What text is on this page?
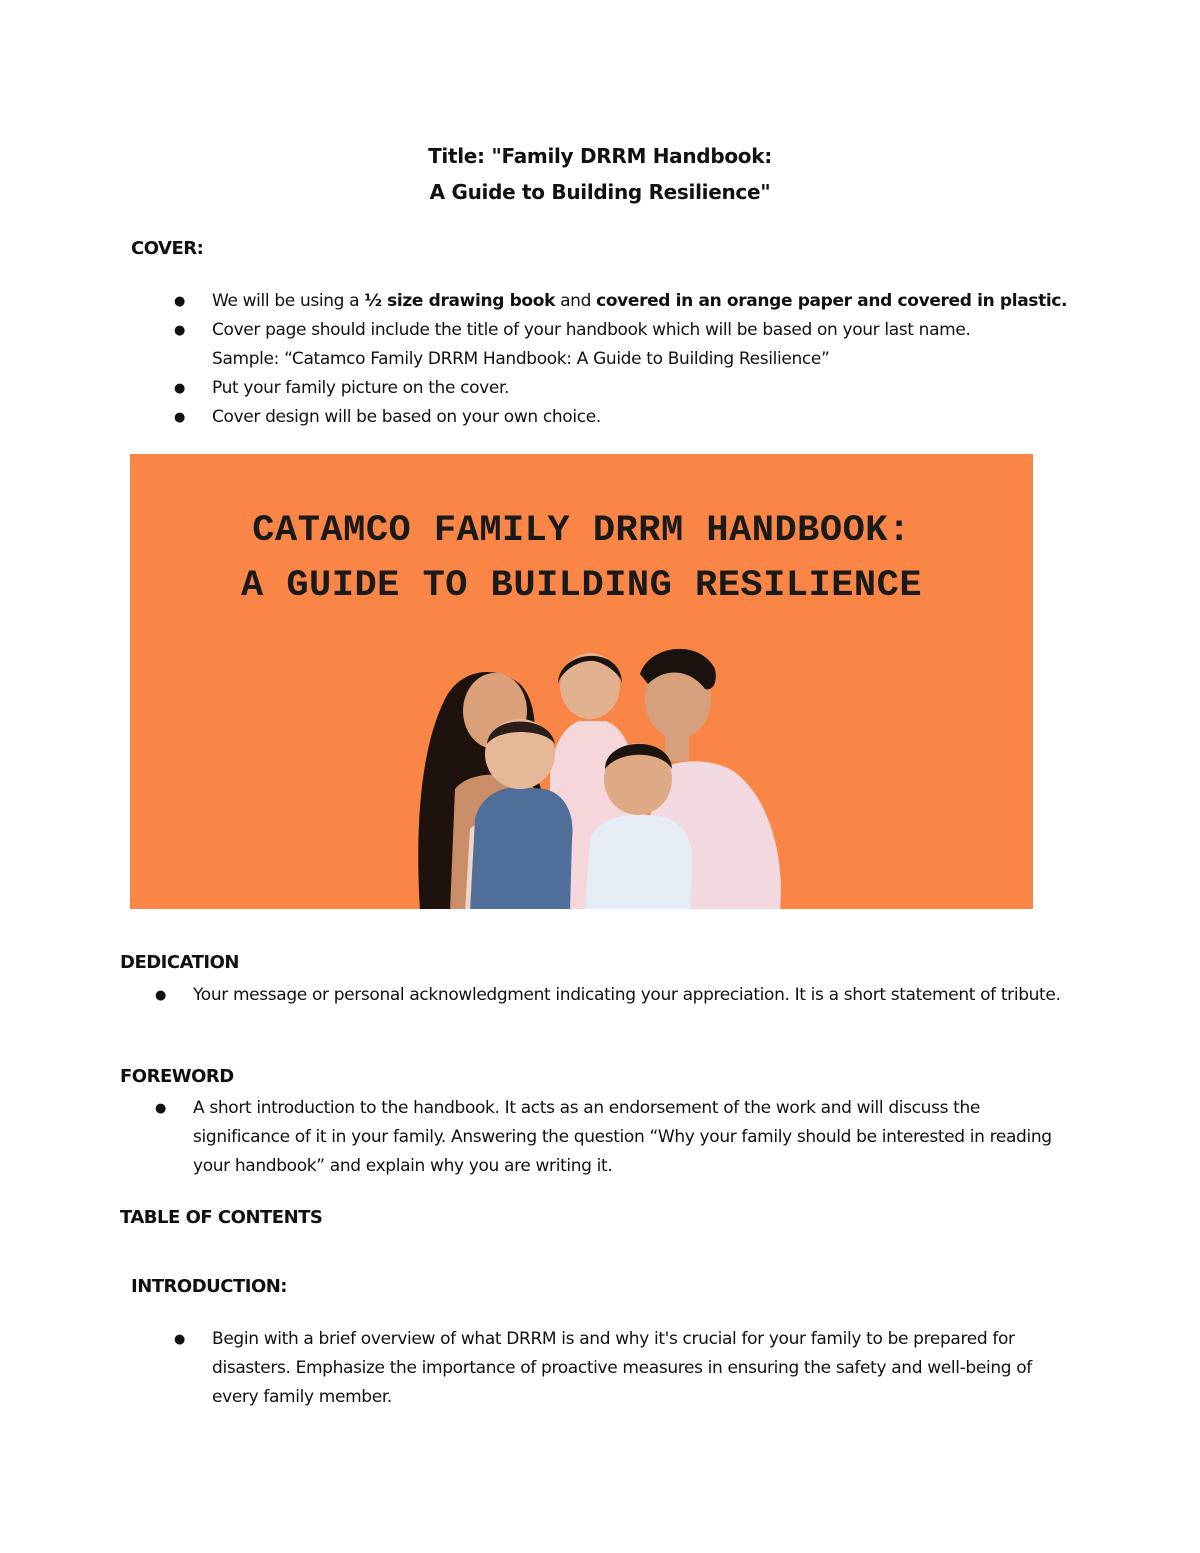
Title: "Family DRRM Handbook:
A Guide to Building Resilience"
COVER:
●
We will be using a ½ size drawing book and covered in an orange paper and covered in plastic.
●
Cover page should include the title of your handbook which will be based on your last name.
Sample: “Catamco Family DRRM Handbook: A Guide to Building Resilience”
●
Put your family picture on the cover.
●
Cover design will be based on your own choice.
CATAMCO FAMILY DRRM HANDBOOK:
A GUIDE TO BUILDING RESILIENCE
DEDICATION
●
Your message or personal acknowledgment indicating your appreciation. It is a short statement of tribute.
FOREWORD
●
A short introduction to the handbook. It acts as an endorsement of the work and will discuss the significance of it in your family. Answering the question “Why your family should be interested in reading your handbook” and explain why you are writing it.
TABLE OF CONTENTS
INTRODUCTION:
●
Begin with a brief overview of what DRRM is and why it's crucial for your family to be prepared for disasters. Emphasize the importance of proactive measures in ensuring the safety and well-being of every family member.
